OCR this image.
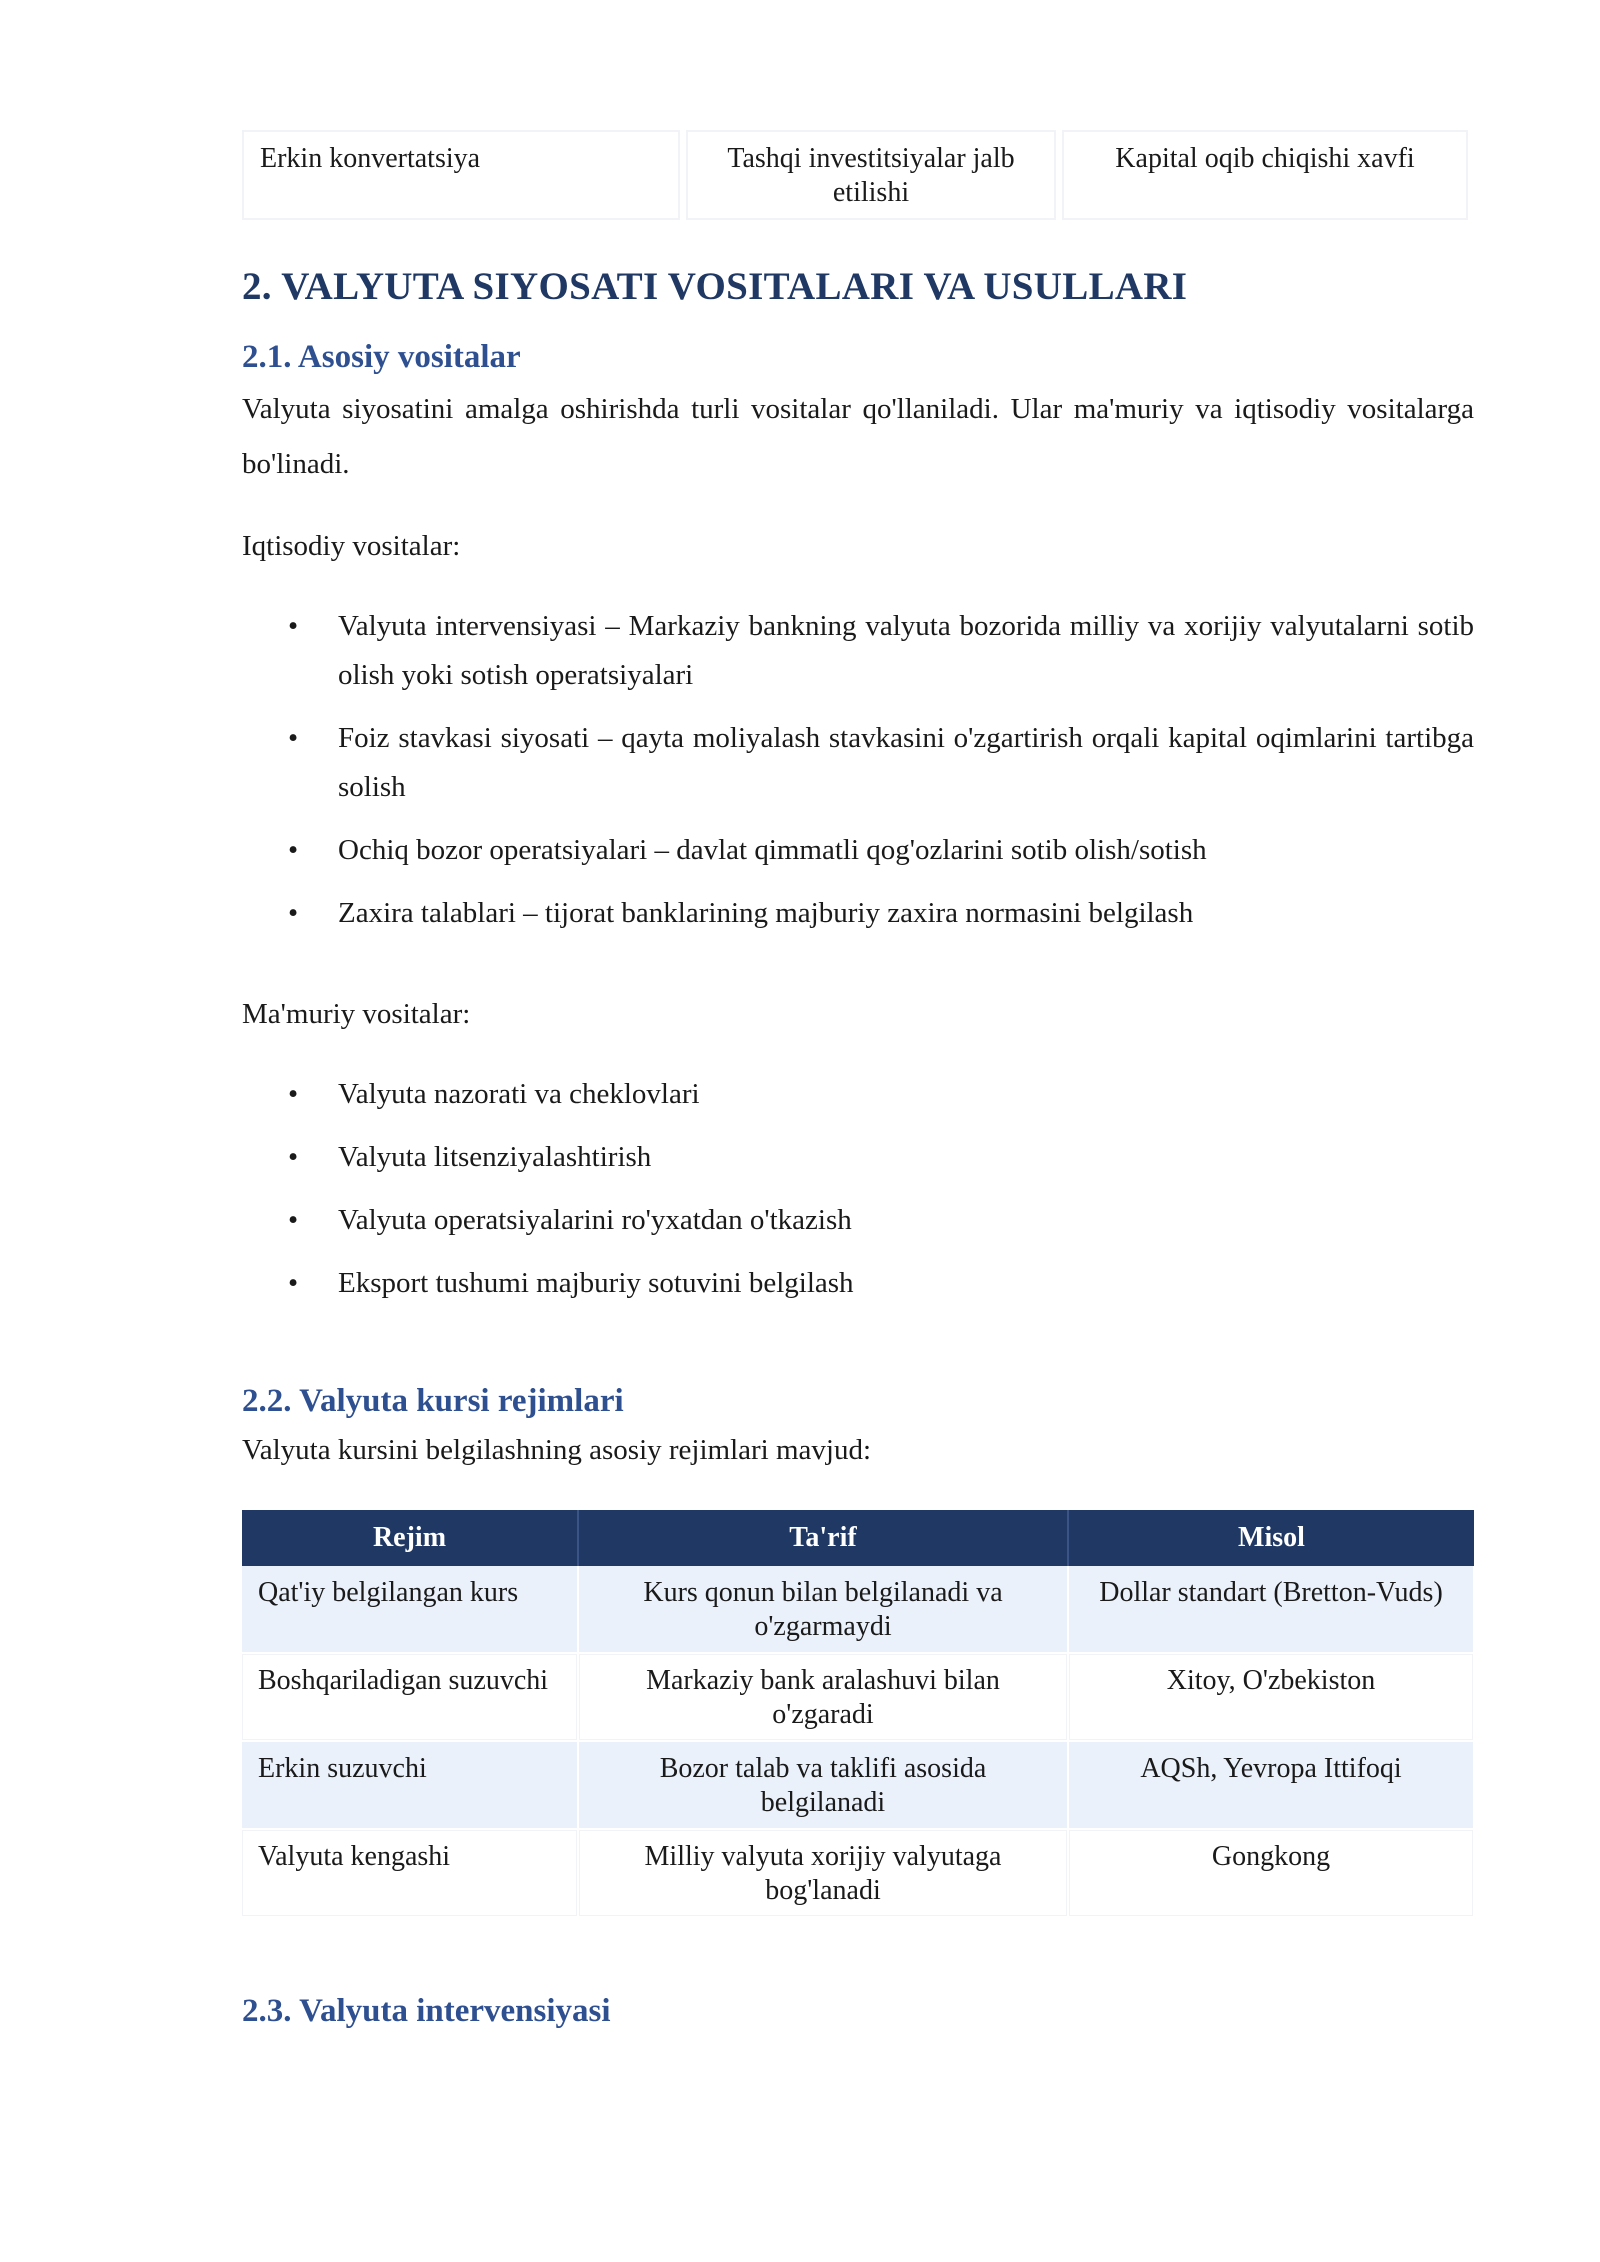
Erkin konvertatsiya	Tashqi investitsiyalar jalb etilishi	Kapital oqib chiqishi xavfi
2. VALYUTA SIYOSATI VOSITALARI VA USULLARI
2.1. Asosiy vositalar

Valyuta siyosatini amalga oshirishda turli vositalar qo'llaniladi. Ular ma'muriy va iqtisodiy vositalarga bo'linadi.

Iqtisodiy vositalar:

• Valyuta intervensiyasi – Markaziy bankning valyuta bozorida milliy va xorijiy valyutalarni sotib olish yoki sotish operatsiyalari
• Foiz stavkasi siyosati – qayta moliyalash stavkasini o'zgartirish orqali kapital oqimlarini tartibga solish
• Ochiq bozor operatsiyalari – davlat qimmatli qog'ozlarini sotib olish/sotish
• Zaxira talablari – tijorat banklarining majburiy zaxira normasini belgilash

Ma'muriy vositalar:

• Valyuta nazorati va cheklovlari
• Valyuta litsenziyalashtirish
• Valyuta operatsiyalarini ro'yxatdan o'tkazish
• Eksport tushumi majburiy sotuvini belgilash
2.2. Valyuta kursi rejimlari

Valyuta kursini belgilashning asosiy rejimlari mavjud:

Rejim	Ta'rif	Misol
Qat'iy belgilangan kurs	Kurs qonun bilan belgilanadi va o'zgarmaydi	Dollar standart (Bretton-Vuds)
Boshqariladigan suzuvchi	Markaziy bank aralashuvi bilan o'zgaradi	Xitoy, O'zbekiston
Erkin suzuvchi	Bozor talab va taklifi asosida belgilanadi	AQSh, Yevropa Ittifoqi
Valyuta kengashi	Milliy valyuta xorijiy valyutaga bog'lanadi	Gongkong
2.3. Valyuta intervensiyasi
